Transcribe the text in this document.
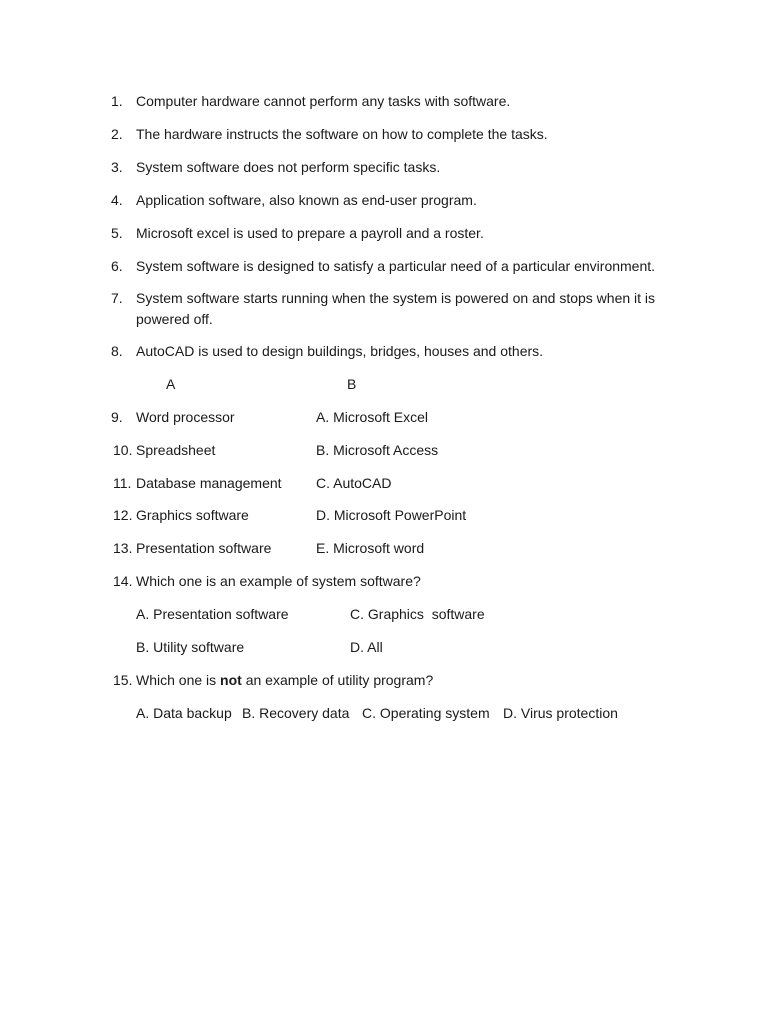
1. Computer hardware cannot perform any tasks with software.
2. The hardware instructs the software on how to complete the tasks.
3. System software does not perform specific tasks.
4. Application software, also known as end-user program.
5. Microsoft excel is used to prepare a payroll and a roster.
6. System software is designed to satisfy a particular need of a particular environment.
7. System software starts running when the system is powered on and stops when it is
powered off.
8. AutoCAD is used to design buildings, bridges, houses and others.
A	B
9. Word processor	A. Microsoft Excel
10. Spreadsheet	B. Microsoft Access
11. Database management C. AutoCAD
12. Graphics software	D. Microsoft PowerPoint
13. Presentation software	E. Microsoft word
14. Which one is an example of system software?
A. Presentation software	C. Graphics  software
B. Utility software	D. All
15. Which one is not an example of utility program?
A. Data backup B. Recovery data C. Operating system D. Virus protection
